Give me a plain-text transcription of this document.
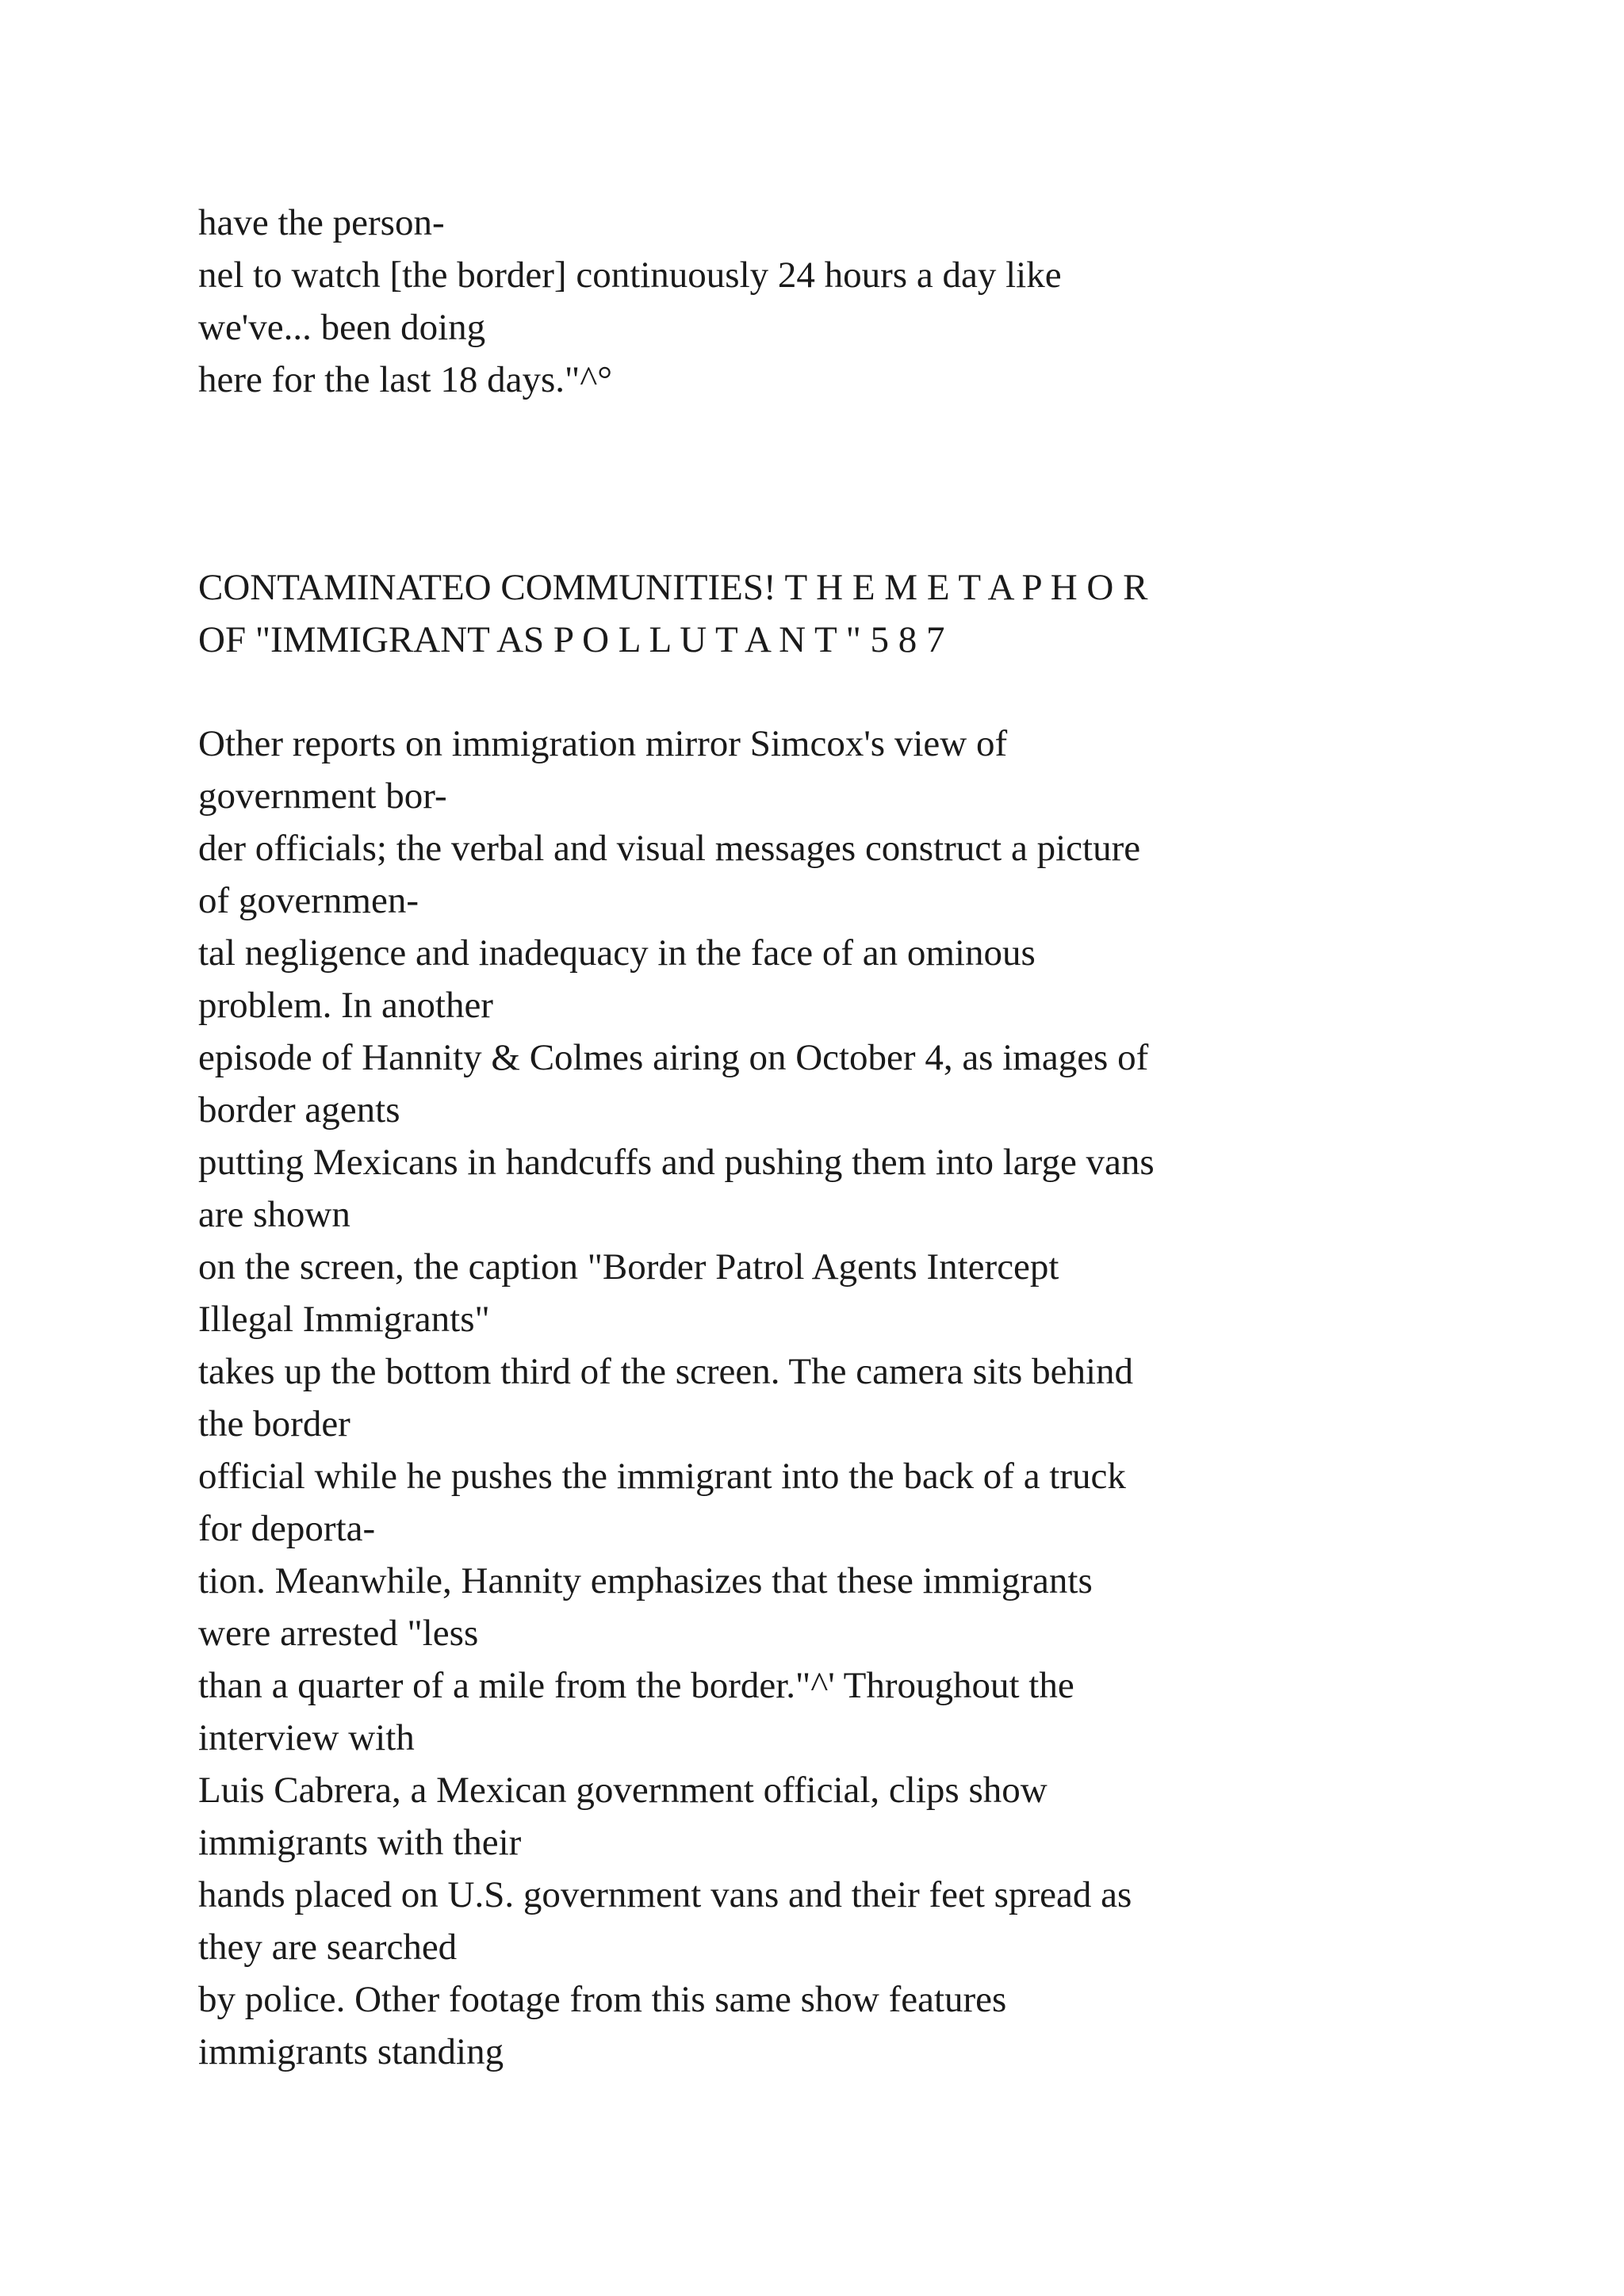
have the person-
nel to watch [the border] continuously 24 hours a day like
we've... been doing
here for the last 18 days."^°
CONTAMINATEO COMMUNITIES! T H E M E T A P H O R
OF "IMMIGRANT AS P O L L U T A N T " 5 8 7
Other reports on immigration mirror Simcox's view of
government bor-
der officials; the verbal and visual messages construct a picture
of governmen-
tal negligence and inadequacy in the face of an ominous
problem. In another
episode of Hannity & Colmes airing on October 4, as images of
border agents
putting Mexicans in handcuffs and pushing them into large vans
are shown
on the screen, the caption "Border Patrol Agents Intercept
Illegal Immigrants"
takes up the bottom third of the screen. The camera sits behind
the border
official while he pushes the immigrant into the back of a truck
for deporta-
tion. Meanwhile, Hannity emphasizes that these immigrants
were arrested "less
than a quarter of a mile from the border."^' Throughout the
interview with
Luis Cabrera, a Mexican government official, clips show
immigrants with their
hands placed on U.S. government vans and their feet spread as
they are searched
by police. Other footage from this same show features
immigrants standing
